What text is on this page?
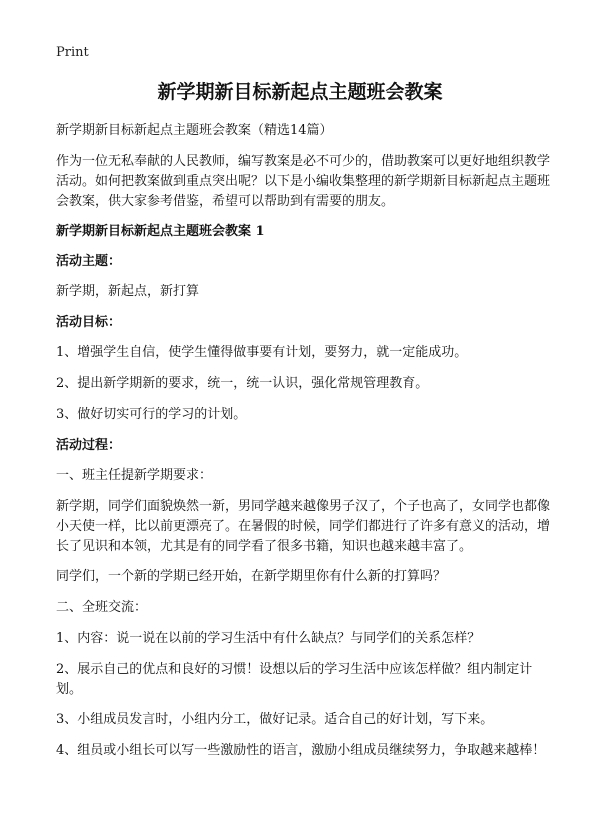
Print
新学期新目标新起点主题班会教案

新学期新目标新起点主题班会教案（精选14篇）

作为一位无私奉献的人民教师，编写教案是必不可少的，借助教案可以更好地组织教学活动。如何把教案做到重点突出呢？以下是小编收集整理的新学期新目标新起点主题班会教案，供大家参考借鉴，希望可以帮助到有需要的朋友。

新学期新目标新起点主题班会教案 1

活动主题：

新学期，新起点，新打算

活动目标：

1、增强学生自信，使学生懂得做事要有计划，要努力，就一定能成功。

2、提出新学期新的要求，统一，统一认识，强化常规管理教育。

3、做好切实可行的学习的计划。

活动过程：

一、班主任提新学期要求：

新学期，同学们面貌焕然一新，男同学越来越像男子汉了，个子也高了，女同学也都像小天使一样，比以前更漂亮了。在暑假的时候，同学们都进行了许多有意义的活动，增长了见识和本领，尤其是有的同学看了很多书籍，知识也越来越丰富了。

同学们，一个新的学期已经开始，在新学期里你有什么新的打算吗？

二、全班交流：

1、内容：说一说在以前的学习生活中有什么缺点？与同学们的关系怎样？

2、展示自己的优点和良好的习惯！设想以后的学习生活中应该怎样做？组内制定计划。

3、小组成员发言时，小组内分工，做好记录。适合自己的好计划，写下来。

4、组员或小组长可以写一些激励性的语言，激励小组成员继续努力，争取越来越棒！
